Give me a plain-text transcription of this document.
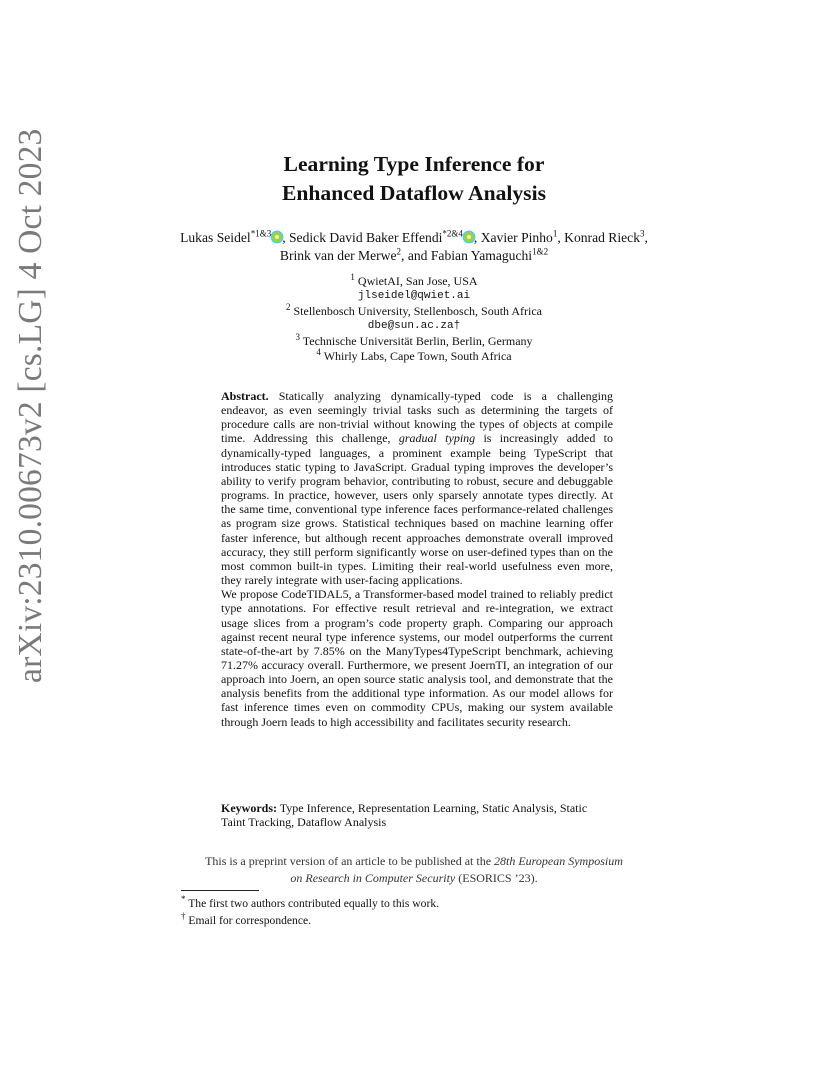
arXiv:2310.00673v2 [cs.LG] 4 Oct 2023	Learning Type Inference for
Enhanced Dataflow Analysis
Lukas Seidel$^{*1\&3}$ , Sedick David Baker Effendi$^{*2\&4}$ , Xavier Pinho$^1$, Konrad Rieck$^3$, Brink van der Merwe$^2$, and Fabian Yamaguchi$^{1\&2}$
$^1$ QwietAI, San Jose, USA
jlseidel@qwiet.ai
$^2$ Stellenbosch University, Stellenbosch, South Africa
dbe@sun.ac.za†
$^3$ Technische Universität Berlin, Berlin, Germany
$^4$ Whirly Labs, Cape Town, South Africa

Abstract. Statically analyzing dynamically-typed code is a challenging endeavor, as even seemingly trivial tasks such as determining the targets of procedure calls are non-trivial without knowing the types of objects at compile time. Addressing this challenge, gradual typing is increasingly added to dynamically-typed languages, a prominent example being TypeScript that introduces static typing to JavaScript. Gradual typing improves the developer’s ability to verify program behavior, contributing to robust, secure and debuggable programs. In practice, however, users only sparsely annotate types directly. At the same time, conventional type inference faces performance-related challenges as program size grows. Statistical techniques based on machine learning offer faster inference, but although recent approaches demonstrate overall improved accuracy, they still perform significantly worse on user-defined types than on the most common built-in types. Limiting their real-world usefulness even more, they rarely integrate with user-facing applications.

We propose CodeTIDAL5, a Transformer-based model trained to reliably predict type annotations. For effective result retrieval and re-integration, we extract usage slices from a program’s code property graph. Comparing our approach against recent neural type inference systems, our model outperforms the current state-of-the-art by 7.85% on the ManyTypes4TypeScript benchmark, achieving 71.27% accuracy overall. Furthermore, we present JoernTI, an integration of our approach into Joern, an open source static analysis tool, and demonstrate that the analysis benefits from the additional type information. As our model allows for fast inference times even on commodity CPUs, making our system available through Joern leads to high accessibility and facilitates security research.

Keywords: Type Inference, Representation Learning, Static Analysis, Static Taint Tracking, Dataflow Analysis
This is a preprint version of an article to be published at the 28th European Symposium on Research in Computer Security (ESORICS ’23).
* The first two authors contributed equally to this work.
† Email for correspondence.
